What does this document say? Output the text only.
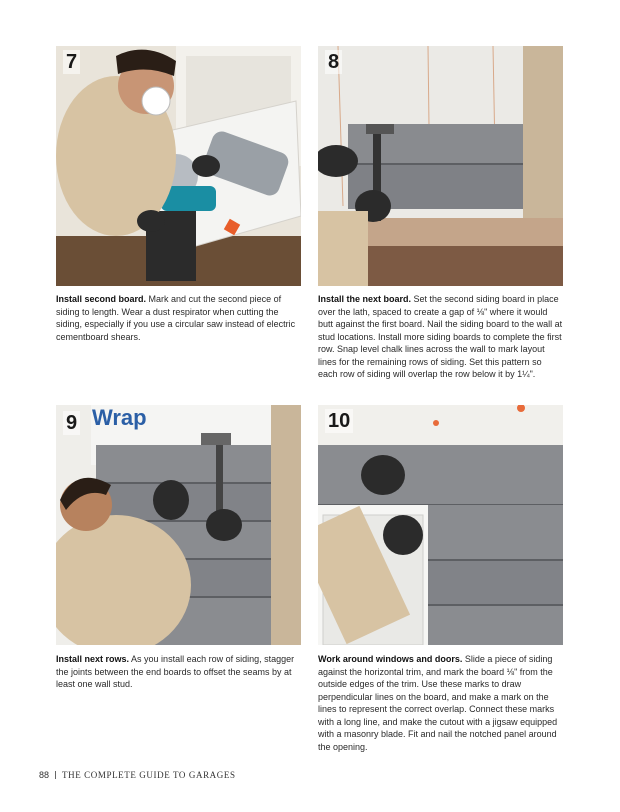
7
Install second board. Mark and cut the second piece of siding to length. Wear a dust respirator when cutting the siding, especially if you use a circular saw instead of electric cementboard shears.
8
Install the next board. Set the second siding board in place over the lath, spaced to create a gap of ⅛" where it would butt against the first board. Nail the siding board to the wall at stud locations. Install more siding boards to complete the first row. Snap level chalk lines across the wall to mark layout lines for the remaining rows of siding. Set this pattern so each row of siding will overlap the row below it by 1¼".
9 Wrap
Install next rows. As you install each row of siding, stagger the joints between the end boards to offset the seams by at least one wall stud.
10
Work around windows and doors. Slide a piece of siding against the horizontal trim, and mark the board ⅛" from the outside edges of the trim. Use these marks to draw perpendicular lines on the board, and make a mark on the lines to represent the correct overlap. Connect these marks with a long line, and make the cutout with a jigsaw equipped with a masonry blade. Fit and nail the notched panel around the opening.
88 THE COMPLETE GUIDE TO GARAGES
